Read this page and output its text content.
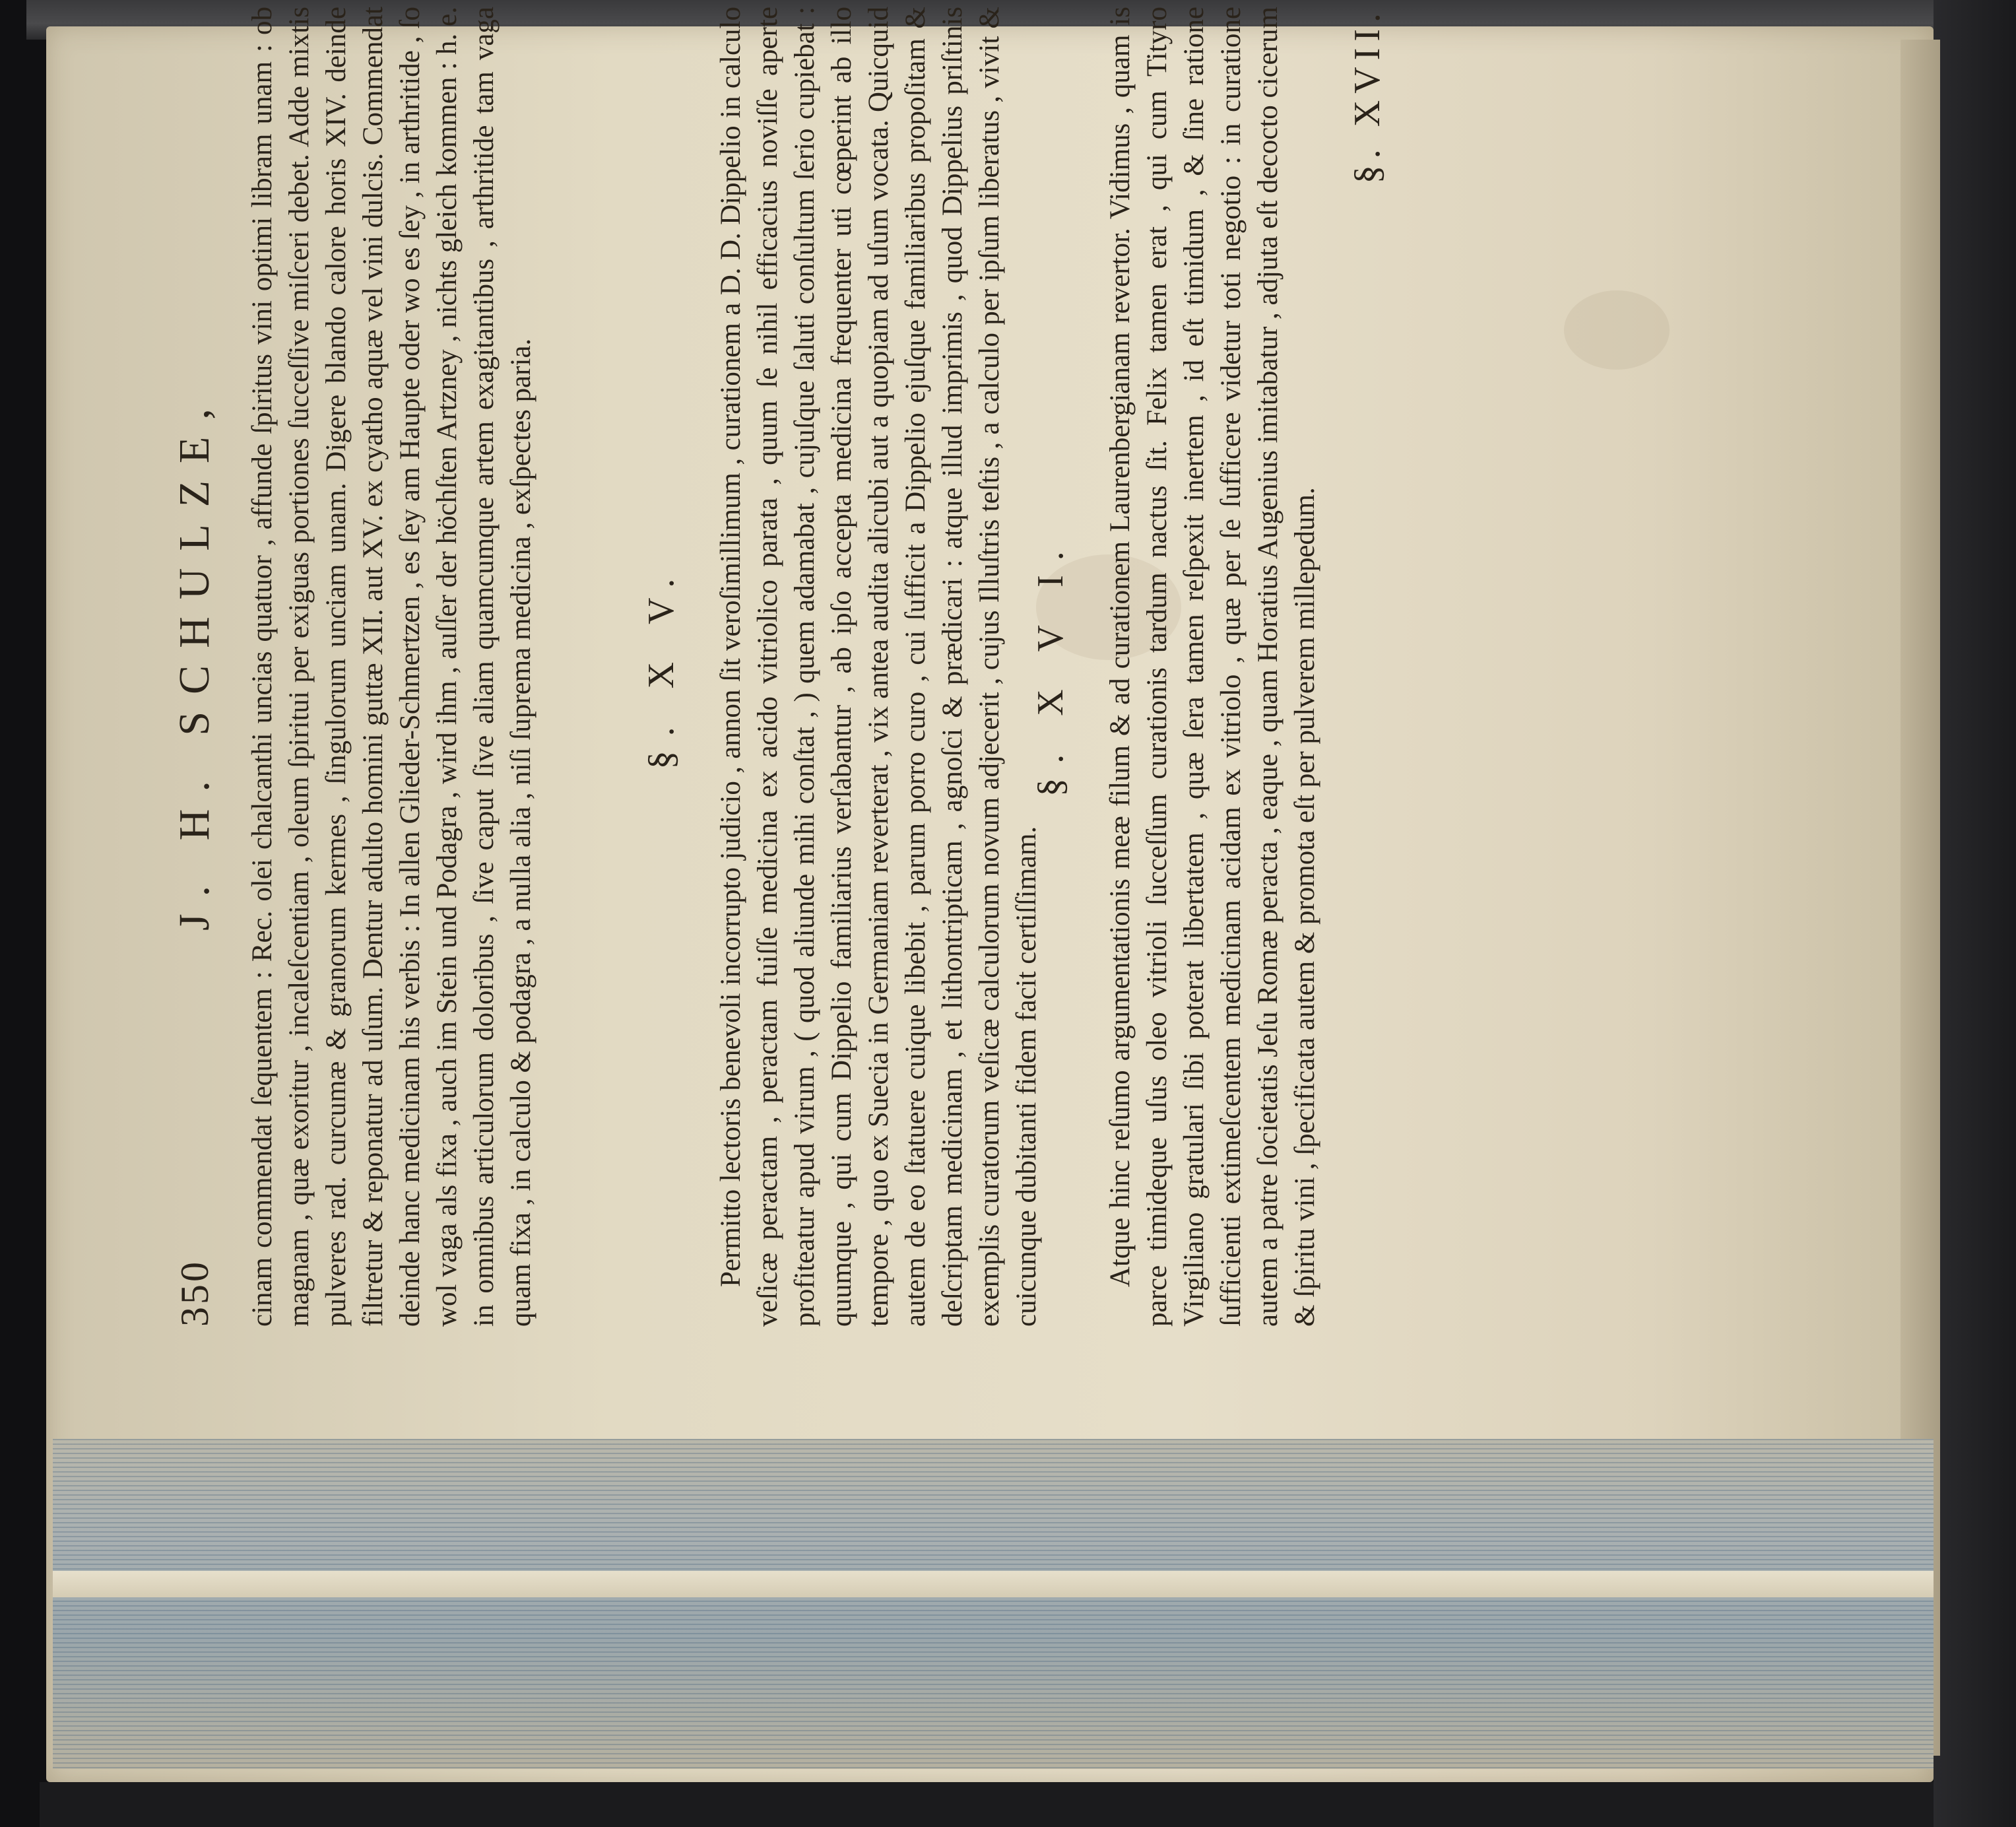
350
J. H. SCHULZE,	cinam commendat ſequentem : Rec. olei chalcanthi uncias quatuor , affunde ſpiritus vini optimi libram unam : ob magnam , quæ exoritur , incaleſcentiam , oleum ſpiritui per exiguas portiones ſucceſſive miſceri debet. Adde mixtis pulveres rad. curcumæ & granorum kermes , ſingulorum unciam unam. Digere blando calore horis XIV. deinde filtretur & reponatur ad uſum. Dentur adulto homini guttæ XII. aut XV. ex cyatho aquæ vel vini dulcis. Commendat deinde hanc medicinam his verbis : In allen Glieder-Schmertzen , es ſey am Haupte oder wo es ſey , in arthritide , ſo wol vaga als fixa , auch im Stein und Podagra , wird ihm , auſſer der höchſten Artzney , nichts gleich kommen : h. e. in omnibus articulorum doloribus , ſive caput ſive aliam quamcumque artem exagitantibus , arthritide tam vaga quam fixa , in calculo & podagra , a nulla alia , niſi ſuprema medicina , exſpectes paria.	§. X V. Permitto lectoris benevoli incorrupto judicio , annon ſit veroſimillimum , curationem a D. D. Dippelio in calculo veſicæ peractam , peractam fuiſſe medicina ex acido vitriolico parata , quum ſe nihil efficacius noviſſe aperte profiteatur apud virum , ( quod aliunde mihi conſtat , ) quem adamabat , cujuſque ſaluti conſultum ſerio cupiebat : quumque , qui cum Dippelio familiarius verſabantur , ab ipſo accepta medicina frequenter uti cœperint ab illo tempore , quo ex Suecia in Germaniam reverterat , vix antea audita alicubi aut a quopiam ad uſum vocata. Quicquid autem de eo ſtatuere cuique libebit , parum porro curo , cui ſufficit a Dippelio ejuſque familiaribus propoſitam & deſcriptam medicinam , et lithontripticam , agnoſci & prædicari : atque illud imprimis , quod Dippelius priſtinis exemplis curatorum veſicæ calculorum novum adjecerit , cujus Illuſtris teſtis , a calculo per ipſum liberatus , vivit & cuicunque dubitanti fidem facit certiſſimam.

§. X V I. Atque hinc reſumo argumentationis meæ filum & ad curationem Laurenbergianam revertor. Vidimus , quam is parce timideque uſus oleo vitrioli ſucceſſum curationis tardum nactus ſit. Felix tamen erat , qui cum Tityro Virgiliano gratulari ſibi poterat libertatem , quæ ſera tamen reſpexit inertem , id eſt timidum , & ſine ratione ſufficienti extimeſcentem medicinam acidam ex vitriolo , quæ per ſe ſufficere videtur toti negotio : in curatione autem a patre ſocietatis Jeſu Romæ peracta , eaque , quam Horatius Augenius imitabatur , adjuta eſt decocto cicerum & ſpiritu vini , ſpecificata autem & promota eſt per pulverem millepedum.

§. XVII.
